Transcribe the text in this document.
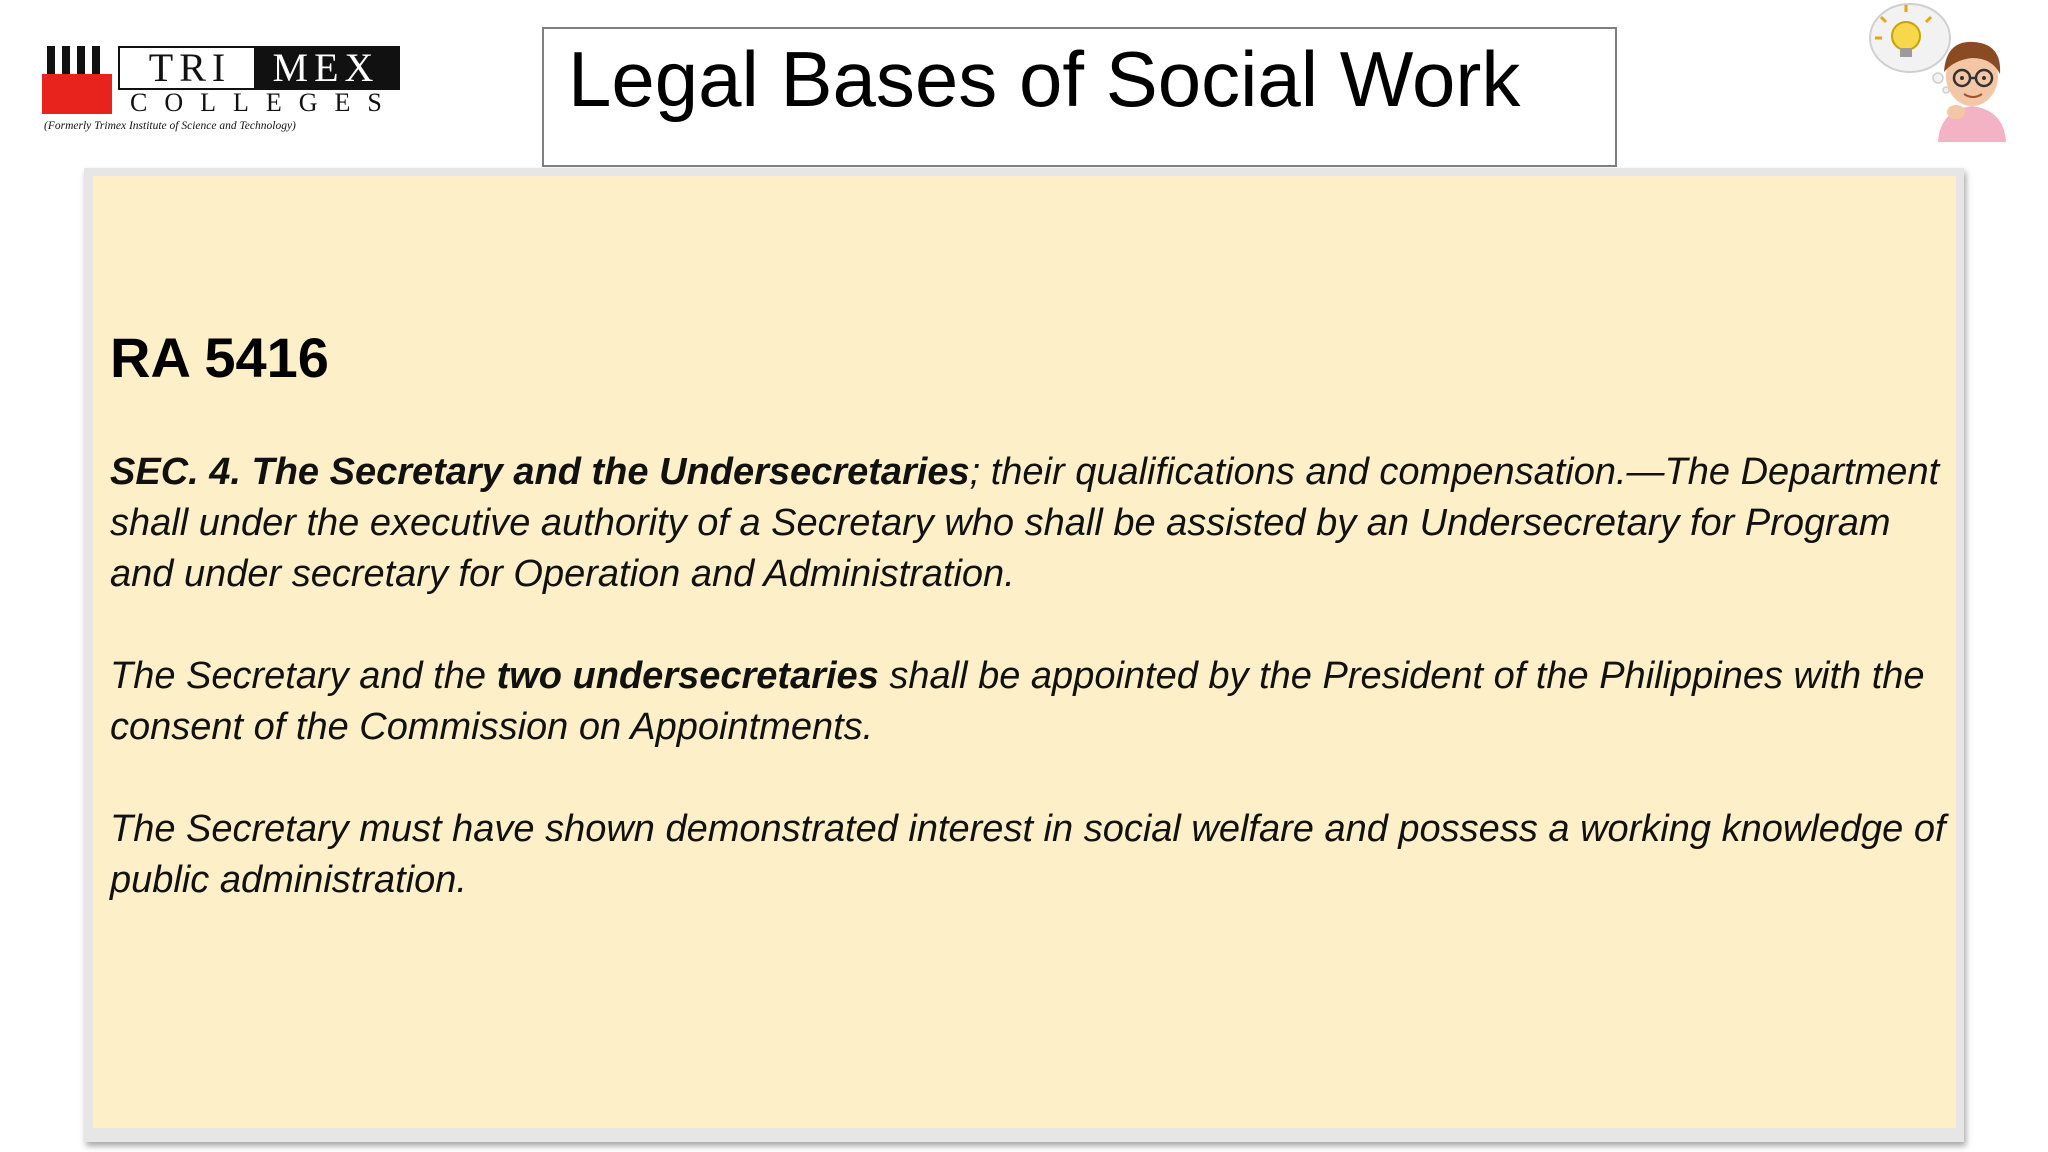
TRI	MEX
COLLEGES
(Formerly Trimex Institute of Science and Technology)
Legal Bases of Social Work
RA 5416
SEC. 4. The Secretary and the Undersecretaries; their qualifications and compensation.—The Department shall under the executive authority of a Secretary who shall be assisted by an Undersecretary for Program and under secretary for Operation and Administration.
The Secretary and the two undersecretaries shall be appointed by the President of the Philippines with the consent of the Commission on Appointments.
The Secretary must have shown demonstrated interest in social welfare and possess a working knowledge of public administration.
